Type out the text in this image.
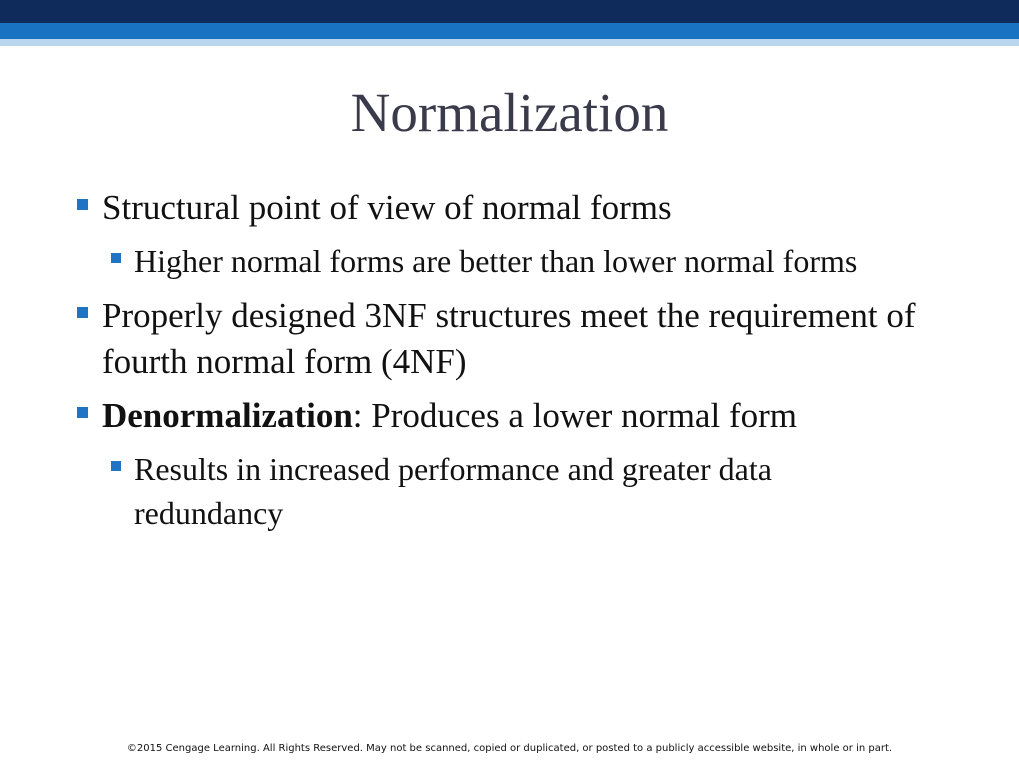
Normalization
Structural point of view of normal forms
Higher normal forms are better than lower normal forms
Properly designed 3NF structures meet the requirement of fourth normal form (4NF)
Denormalization: Produces a lower normal form
Results in increased performance and greater data redundancy
©2015 Cengage Learning. All Rights Reserved. May not be scanned, copied or duplicated, or posted to a publicly accessible website, in whole or in part.
